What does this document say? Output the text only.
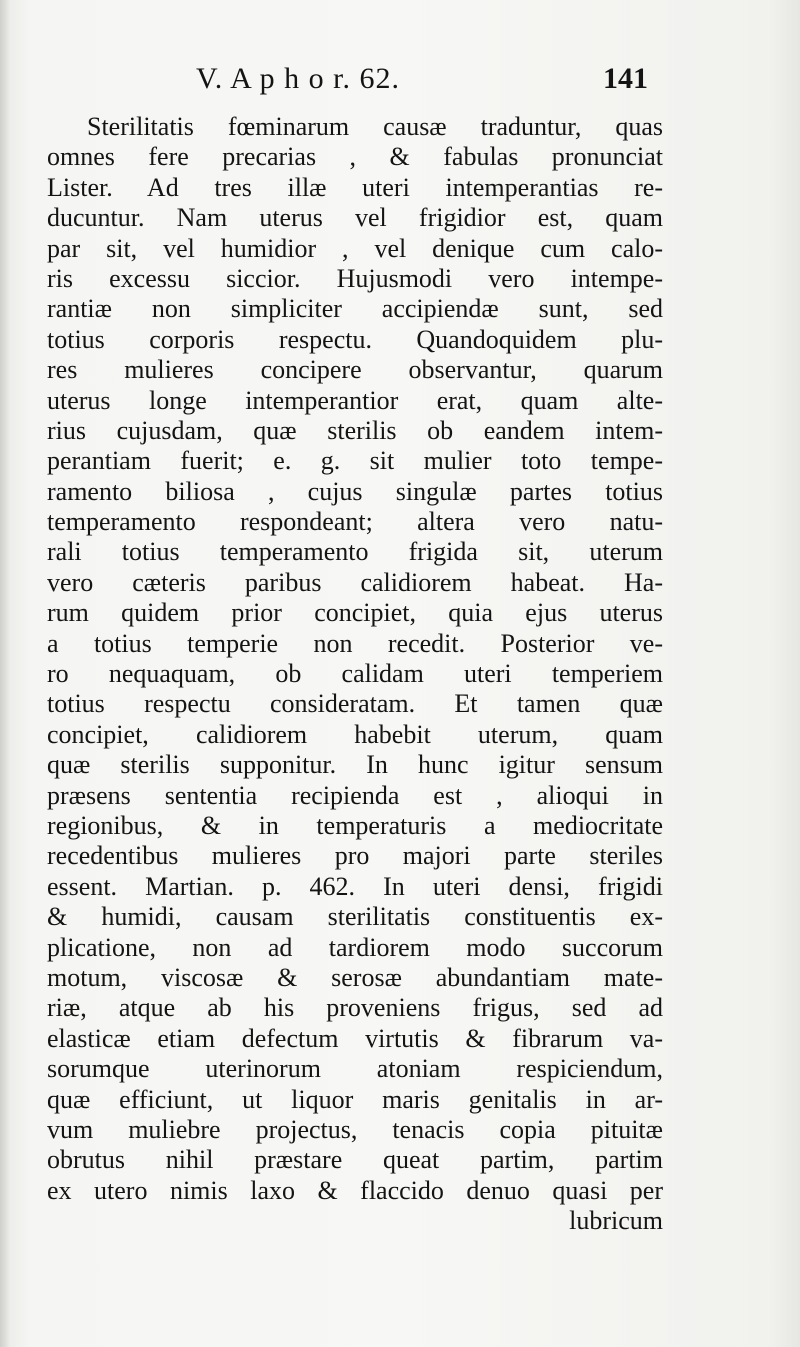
V. A p h o r. 62.	141
Sterilitatis fœminarum causæ traduntur, quas
omnes fere precarias , & fabulas pronunciat
Lister. Ad tres illæ uteri intemperantias re-
ducuntur. Nam uterus vel frigidior est, quam
par sit, vel humidior , vel denique cum calo-
ris excessu siccior. Hujusmodi vero intempe-
rantiæ non simpliciter accipiendæ sunt, sed
totius corporis respectu. Quandoquidem plu-
res mulieres concipere observantur, quarum
uterus longe intemperantior erat, quam alte-
rius cujusdam, quæ sterilis ob eandem intem-
perantiam fuerit; e. g. sit mulier toto tempe-
ramento biliosa , cujus singulæ partes totius
temperamento respondeant; altera vero natu-
rali totius temperamento frigida sit, uterum
vero cæteris paribus calidiorem habeat. Ha-
rum quidem prior concipiet, quia ejus uterus
a totius temperie non recedit. Posterior ve-
ro nequaquam, ob calidam uteri temperiem
totius respectu consideratam. Et tamen quæ
concipiet, calidiorem habebit uterum, quam
quæ sterilis supponitur. In hunc igitur sensum
præsens sententia recipienda est , alioqui in
regionibus, & in temperaturis a mediocritate
recedentibus mulieres pro majori parte steriles
essent. Martian. p. 462. In uteri densi, frigidi
& humidi, causam sterilitatis constituentis ex-
plicatione, non ad tardiorem modo succorum
motum, viscosæ & serosæ abundantiam mate-
riæ, atque ab his proveniens frigus, sed ad
elasticæ etiam defectum virtutis & fibrarum va-
sorumque uterinorum atoniam respiciendum,
quæ efficiunt, ut liquor maris genitalis in ar-
vum muliebre projectus, tenacis copia pituitæ
obrutus nihil præstare queat partim, partim
ex utero nimis laxo & flaccido denuo quasi per
lubricum
